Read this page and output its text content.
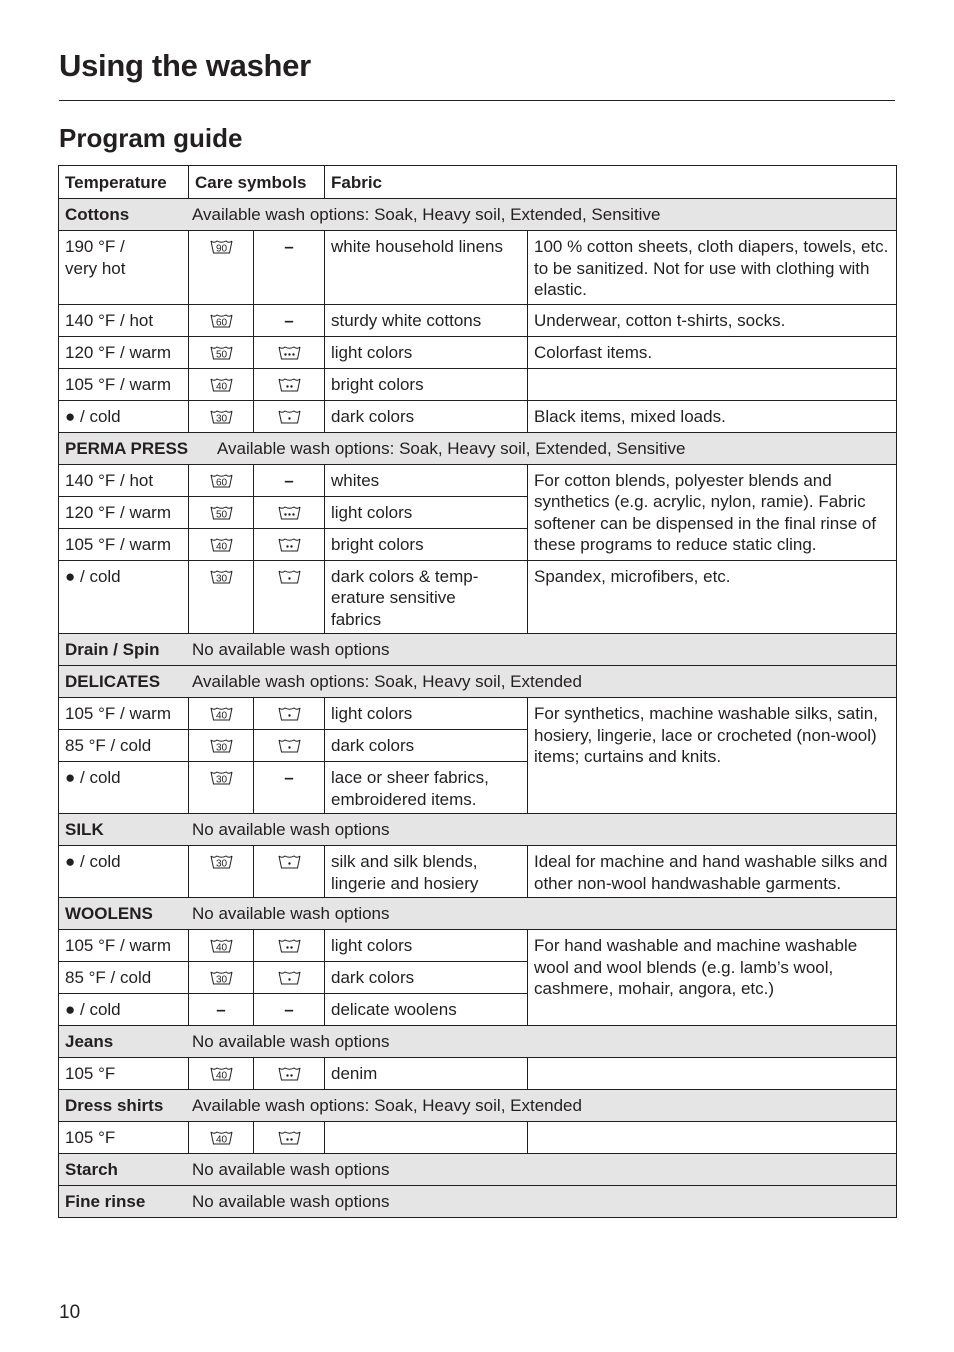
Using the washer
Program guide
Temperature	Care symbols		Fabric	
Cottons Available wash options: Soak, Heavy soil, Extended, Sensitive				
190 °F /
very hot	90	–	white household linens	100 % cotton sheets, cloth diapers, towels, etc. to be sanitized. Not for use with clothing with elastic.
140 °F / hot	60	–	sturdy white cottons	Underwear, cotton t-shirts, socks.
120 °F / warm	50		light colors	Colorfast items.
105 °F / warm	40		bright colors	
● / cold	30		dark colors	Black items, mixed loads.
PERMA PRESS Available wash options: Soak, Heavy soil, Extended, Sensitive				
140 °F / hot	60	–	whites	For cotton blends, polyester blends and synthetics (e.g. acrylic, nylon, ramie). Fabric softener can be dispensed in the final rinse of these programs to reduce static cling.
120 °F / warm	50		light colors	
105 °F / warm	40		bright colors	
● / cold	30		dark colors & temp-
erature sensitive
fabrics	Spandex, microfibers, etc.
Drain / Spin No available wash options				
DELICATES Available wash options: Soak, Heavy soil, Extended				
105 °F / warm	40		light colors	For synthetics, machine washable silks, satin, hosiery, lingerie, lace or crocheted (non-wool) items; curtains and knits.
85 °F / cold	30		dark colors	
● / cold	30	–	lace or sheer fabrics,
embroidered items.	
SILK No available wash options				
● / cold	30		silk and silk blends,
lingerie and hosiery	Ideal for machine and hand washable silks and other non-wool handwashable garments.
WOOLENS No available wash options				
105 °F / warm	40		light colors	For hand washable and machine washable wool and wool blends (e.g. lamb’s wool, cashmere, mohair, angora, etc.)
85 °F / cold	30		dark colors	
● / cold	–	–	delicate woolens	
Jeans No available wash options				
105 °F	40		denim	
Dress shirts Available wash options: Soak, Heavy soil, Extended				
105 °F	40

Starch No available wash options				
Fine rinse No available wash options				
10
